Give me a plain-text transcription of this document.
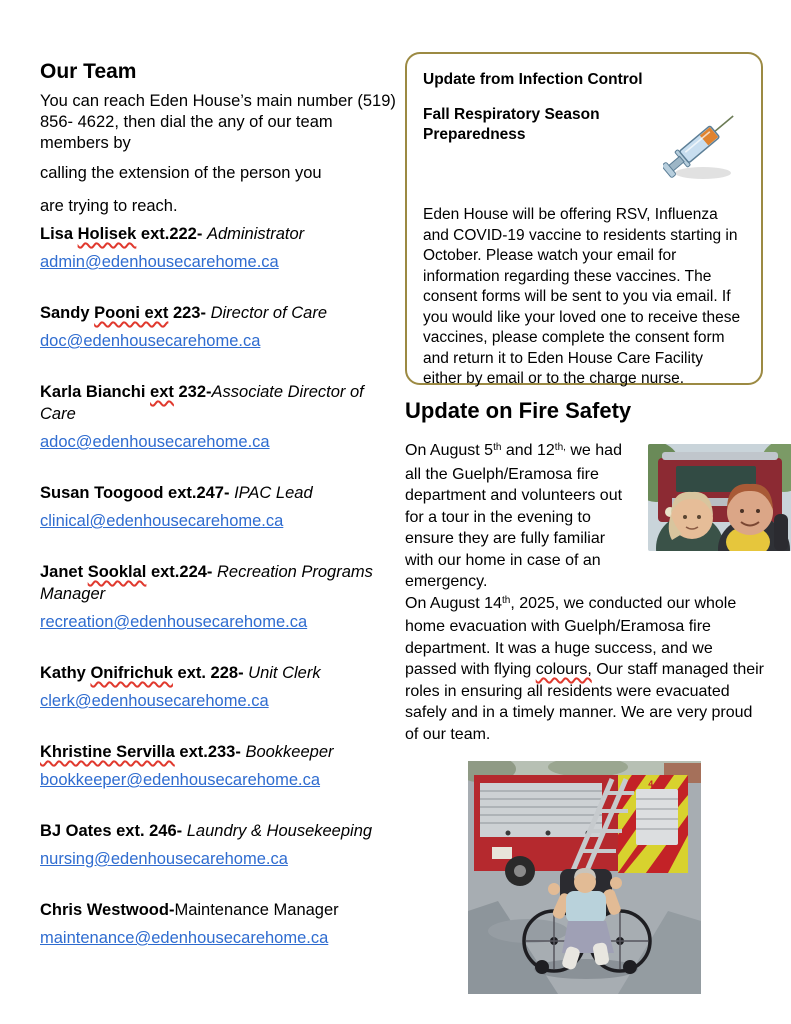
Our Team

You can reach Eden House’s main number (519) 856- 4622, then dial the any of our team members by

calling the extension of the person you

are trying to reach.

Lisa Holisek ext.222- Administrator
admin@edenhousecarehome.ca
Sandy Pooni ext 223- Director of Care
doc@edenhousecarehome.ca
Karla Bianchi ext 232-Associate Director of Care
adoc@edenhousecarehome.ca
Susan Toogood ext.247- IPAC Lead
clinical@edenhousecarehome.ca
Janet Sooklal ext.224- Recreation Programs Manager
recreation@edenhousecarehome.ca
Kathy Onifrichuk ext. 228- Unit Clerk
clerk@edenhousecarehome.ca
Khristine Servilla ext.233- Bookkeeper
bookkeeper@edenhousecarehome.ca
BJ Oates ext. 246- Laundry & Housekeeping
nursing@edenhousecarehome.ca
Chris Westwood-Maintenance Manager
maintenance@edenhousecarehome.ca

Update from Infection Control

Fall Respiratory Season Preparedness

Eden House will be offering RSV, Influenza and COVID-19 vaccine to residents starting in October. Please watch your email for information regarding these vaccines. The consent forms will be sent to you via email. If you would like your loved one to receive these vaccines, please complete the consent form and return it to Eden House Care Facility either by email or to the charge nurse.

Update on Fire Safety

On August 5th and $12^{th,}$ we had all the Guelph/Eramosa fire department and volunteers out for a tour in the evening to ensure they are fully familiar with our home in case of an emergency.

On August 14th, 2025, we conducted our whole home evacuation with Guelph/Eramosa fire department. It was a huge success, and we passed with flying colours, Our staff managed their roles in ensuring all residents were evacuated safely and in a timely manner. We are very proud of our team.

4.23
